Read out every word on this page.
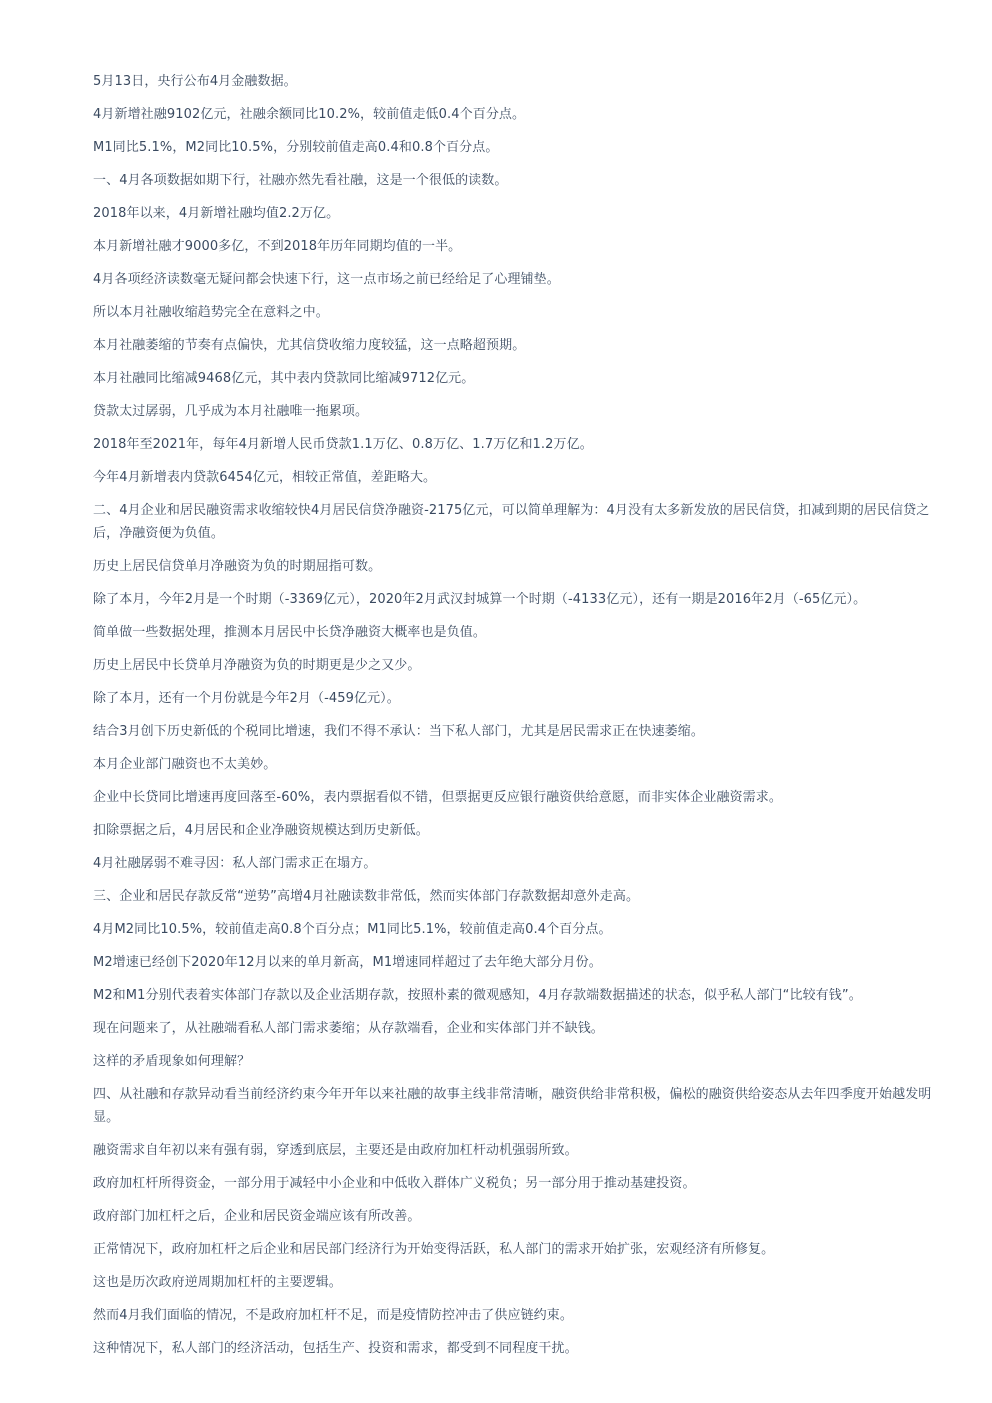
5月13日，央行公布4月金融数据。

4月新增社融9102亿元，社融余额同比10.2%，较前值走低0.4个百分点。

M1同比5.1%，M2同比10.5%，分别较前值走高0.4和0.8个百分点。

一、4月各项数据如期下行，社融亦然先看社融，这是一个很低的读数。

2018年以来，4月新增社融均值2.2万亿。

本月新增社融才9000多亿，不到2018年历年同期均值的一半。

4月各项经济读数毫无疑问都会快速下行，这一点市场之前已经给足了心理铺垫。

所以本月社融收缩趋势完全在意料之中。

本月社融萎缩的节奏有点偏快，尤其信贷收缩力度较猛，这一点略超预期。

本月社融同比缩减9468亿元，其中表内贷款同比缩减9712亿元。

贷款太过孱弱，几乎成为本月社融唯一拖累项。

2018年至2021年，每年4月新增人民币贷款1.1万亿、0.8万亿、1.7万亿和1.2万亿。

今年4月新增表内贷款6454亿元，相较正常值，差距略大。

二、4月企业和居民融资需求收缩较快4月居民信贷净融资-2175亿元，可以简单理解为：4月没有太多新发放的居民信贷，扣减到期的居民信贷之后，净融资便为负值。

历史上居民信贷单月净融资为负的时期屈指可数。

除了本月，今年2月是一个时期（-3369亿元），2020年2月武汉封城算一个时期（-4133亿元），还有一期是2016年2月（-65亿元）。

简单做一些数据处理，推测本月居民中长贷净融资大概率也是负值。

历史上居民中长贷单月净融资为负的时期更是少之又少。

除了本月，还有一个月份就是今年2月（-459亿元）。

结合3月创下历史新低的个税同比增速，我们不得不承认：当下私人部门，尤其是居民需求正在快速萎缩。

本月企业部门融资也不太美妙。

企业中长贷同比增速再度回落至-60%，表内票据看似不错，但票据更反应银行融资供给意愿，而非实体企业融资需求。

扣除票据之后，4月居民和企业净融资规模达到历史新低。

4月社融孱弱不难寻因：私人部门需求正在塌方。

三、企业和居民存款反常“逆势”高增4月社融读数非常低，然而实体部门存款数据却意外走高。

4月M2同比10.5%，较前值走高0.8个百分点；M1同比5.1%，较前值走高0.4个百分点。

M2增速已经创下2020年12月以来的单月新高，M1增速同样超过了去年绝大部分月份。

M2和M1分别代表着实体部门存款以及企业活期存款，按照朴素的微观感知，4月存款端数据描述的状态，似乎私人部门“比较有钱”。

现在问题来了，从社融端看私人部门需求萎缩；从存款端看，企业和实体部门并不缺钱。

这样的矛盾现象如何理解？

四、从社融和存款异动看当前经济约束今年开年以来社融的故事主线非常清晰，融资供给非常积极，偏松的融资供给姿态从去年四季度开始越发明显。

融资需求自年初以来有强有弱，穿透到底层，主要还是由政府加杠杆动机强弱所致。

政府加杠杆所得资金，一部分用于减轻中小企业和中低收入群体广义税负；另一部分用于推动基建投资。

政府部门加杠杆之后，企业和居民资金端应该有所改善。

正常情况下，政府加杠杆之后企业和居民部门经济行为开始变得活跃，私人部门的需求开始扩张，宏观经济有所修复。

这也是历次政府逆周期加杠杆的主要逻辑。

然而4月我们面临的情况，不是政府加杠杆不足，而是疫情防控冲击了供应链约束。

这种情况下，私人部门的经济活动，包括生产、投资和需求，都受到不同程度干扰。
